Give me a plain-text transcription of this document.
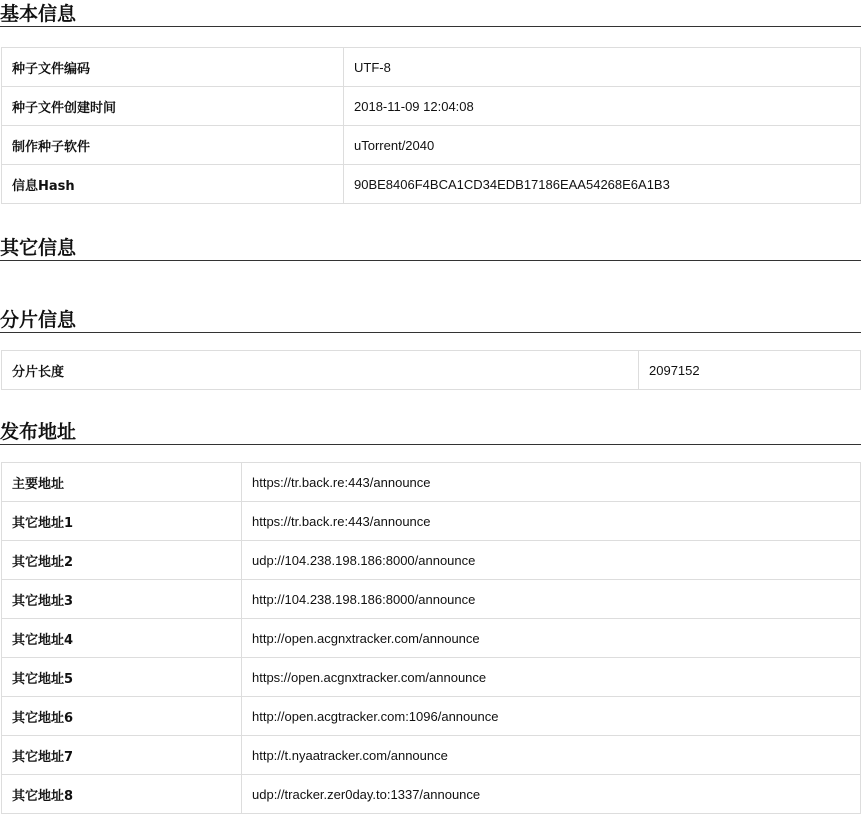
基本信息
种子文件编码	UTF-8
种子文件创建时间	2018-11-09 12:04:08
制作种子软件	uTorrent/2040
信息Hash	90BE8406F4BCA1CD34EDB17186EAA54268E6A1B3
其它信息
分片信息
分片长度	2097152
发布地址
主要地址	https://tr.back.re:443/announce
其它地址1	https://tr.back.re:443/announce
其它地址2	udp://104.238.198.186:8000/announce
其它地址3	http://104.238.198.186:8000/announce
其它地址4	http://open.acgnxtracker.com/announce
其它地址5	https://open.acgnxtracker.com/announce
其它地址6	http://open.acgtracker.com:1096/announce
其它地址7	http://t.nyaatracker.com/announce
其它地址8	udp://tracker.zer0day.to:1337/announce
